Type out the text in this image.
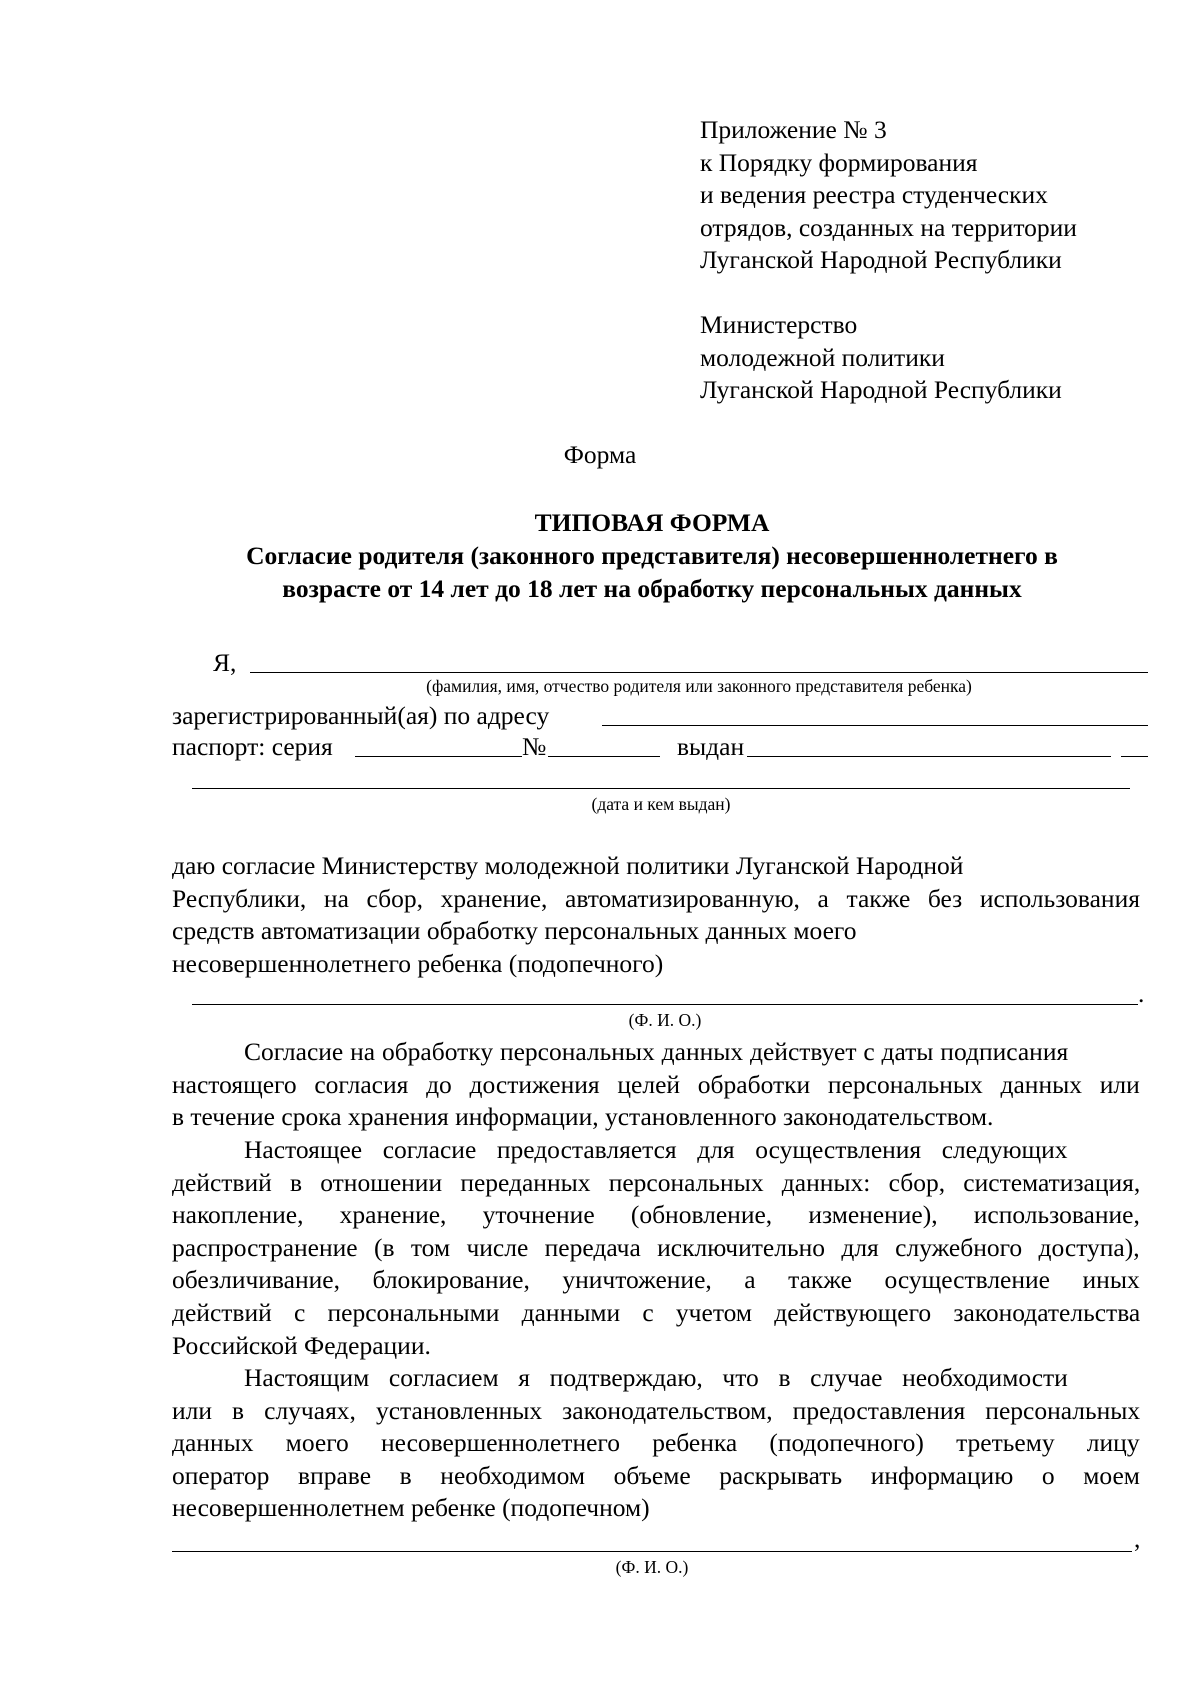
Приложение № 3
к Порядку формирования
и ведения реестра студенческих
отрядов, созданных на территории
Луганской Народной Республики
Министерство
молодежной политики
Луганской Народной Республики
Форма
ТИПОВАЯ ФОРМА
Согласие родителя (законного представителя) несовершеннолетнего в
возрасте от 14 лет до 18 лет на обработку персональных данных
Я,
(фамилия, имя, отчество родителя или законного представителя ребенка)
зарегистрированный(ая) по адресу
паспорт: серия	№	выдан
(дата и кем выдан)
даю согласие Министерству молодежной политики Луганской Народной
Республики, на сбор, хранение, автоматизированную, а также без использования
средств автоматизации обработку персональных данных моего
несовершеннолетнего ребенка (подопечного)
.
(Ф. И. О.)
Согласие на обработку персональных данных действует с даты подписания
настоящего согласия до достижения целей обработки персональных данных или
в течение срока хранения информации, установленного законодательством.
Настоящее согласие предоставляется для осуществления следующих
действий в отношении переданных персональных данных: сбор, систематизация,
накопление, хранение, уточнение (обновление, изменение), использование,
распространение (в том числе передача исключительно для служебного доступа),
обезличивание, блокирование, уничтожение, а также осуществление иных
действий с персональными данными с учетом действующего законодательства
Российской Федерации.
Настоящим согласием я подтверждаю, что в случае необходимости
или в случаях, установленных законодательством, предоставления персональных
данных моего несовершеннолетнего ребенка (подопечного) третьему лицу
оператор вправе в необходимом объеме раскрывать информацию о моем
несовершеннолетнем ребенке (подопечном)
,
(Ф. И. О.)
